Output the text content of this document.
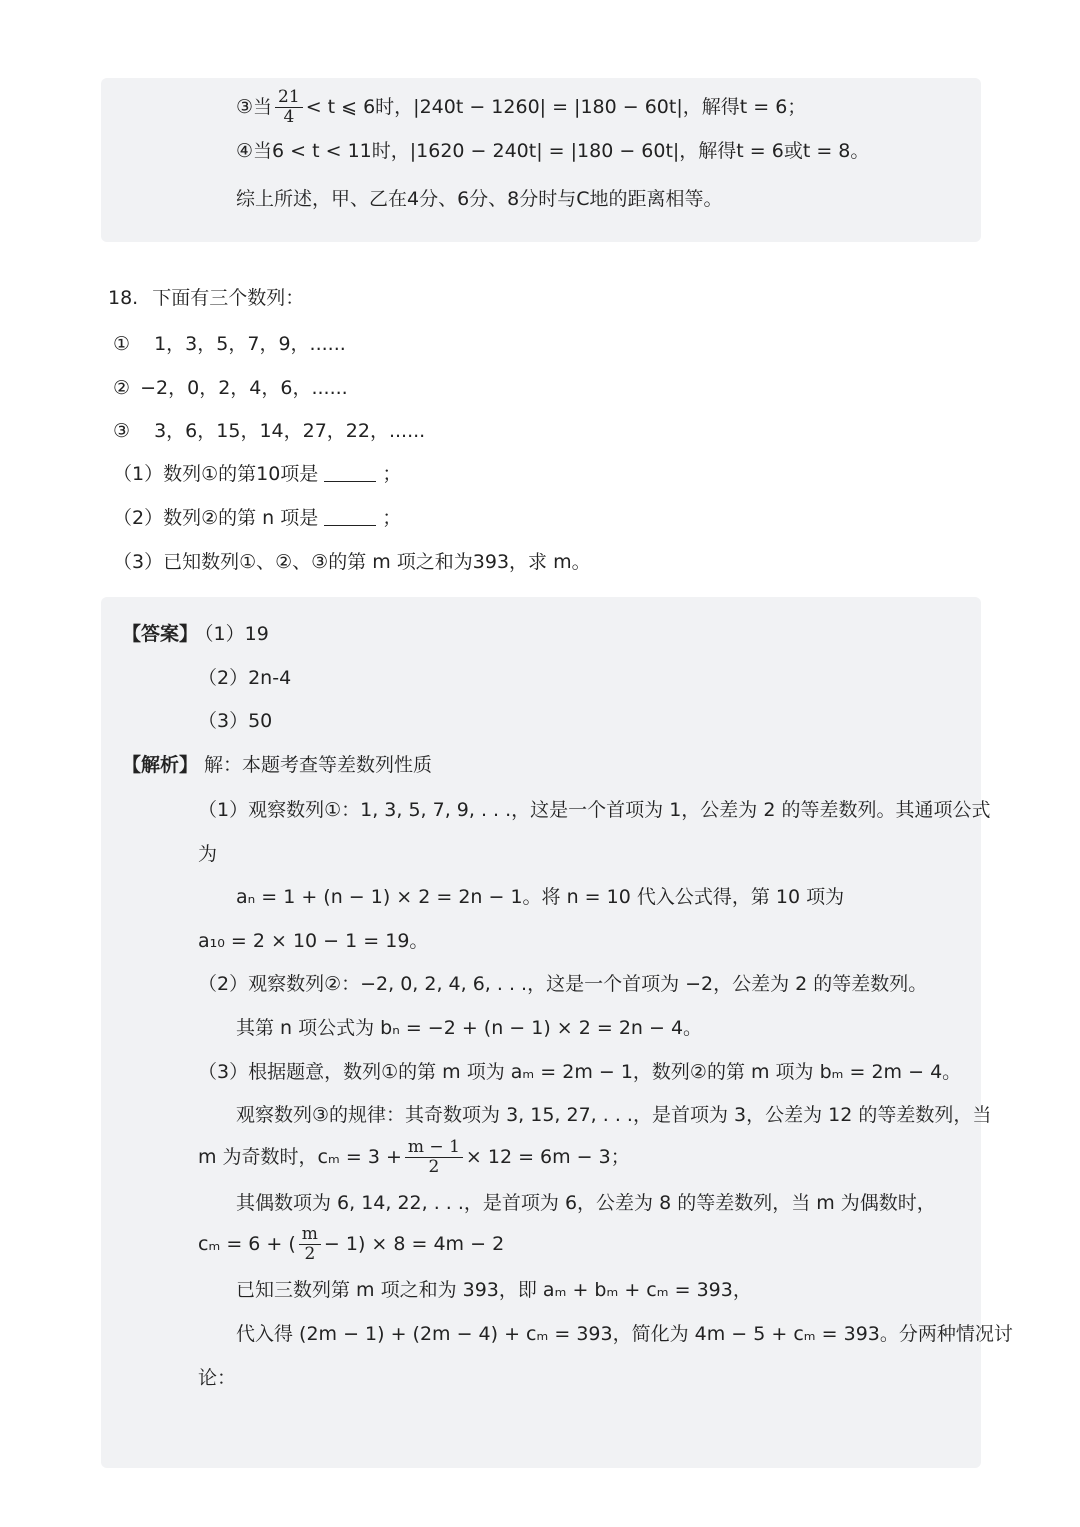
③当 $\frac{21}{4} < t$ ⩽ 6时，|240t − 1260| = |180 − 60t|，解得t = 6；
④当6 < t < 11时，|1620 − 240t| = |180 − 60t|，解得t = 6或t = 8。
综上所述，甲、乙在4分、6分、8分时与C地的距离相等。
18. 下面有三个数列：
① 1，3，5，7，9，......
② −2，0，2，4，6，......
③ 3，6，15，14，27，22，......
（1）数列①的第10项是	；
（2）数列②的第 n 项是	；
（3）已知数列①、②、③的第 m 项之和为393，求 m。
【答案】 （1）19
（2）2n-4
（3）50
【解析】 解：本题考查等差数列性质
（1）观察数列①：1, 3, 5, 7, 9, . . .，这是一个首项为 1，公差为 2 的等差数列。其通项公式
为
aₙ = 1 + (n − 1) × 2 = 2n − 1。将 n = 10 代入公式得，第 10 项为
a₁₀ = 2 × 10 − 1 = 19。
（2）观察数列②：−2, 0, 2, 4, 6, . . .，这是一个首项为 −2，公差为 2 的等差数列。
其第 n 项公式为 bₙ = −2 + (n − 1) × 2 = 2n − 4。
（3）根据题意，数列①的第 m 项为 aₘ = 2m − 1，数列②的第 m 项为 bₘ = 2m − 4。
观察数列③的规律：其奇数项为 3, 15, 27, . . .，是首项为 3，公差为 12 的等差数列，当
m 为奇数时，$c_m = 3 + \frac{m - 1}{2} \times 12 = 6m - 3$；
其偶数项为 6, 14, 22, . . .，是首项为 6，公差为 8 的等差数列，当 m 为偶数时，
cₘ = 6 + ( $\frac{m}{2} - 1) \times 8 = 4m - 2$
已知三数列第 m 项之和为 393，即 aₘ + bₘ + cₘ = 393，
代入得 (2m − 1) + (2m − 4) + cₘ = 393，简化为 4m − 5 + cₘ = 393。分两种情况讨
论：
